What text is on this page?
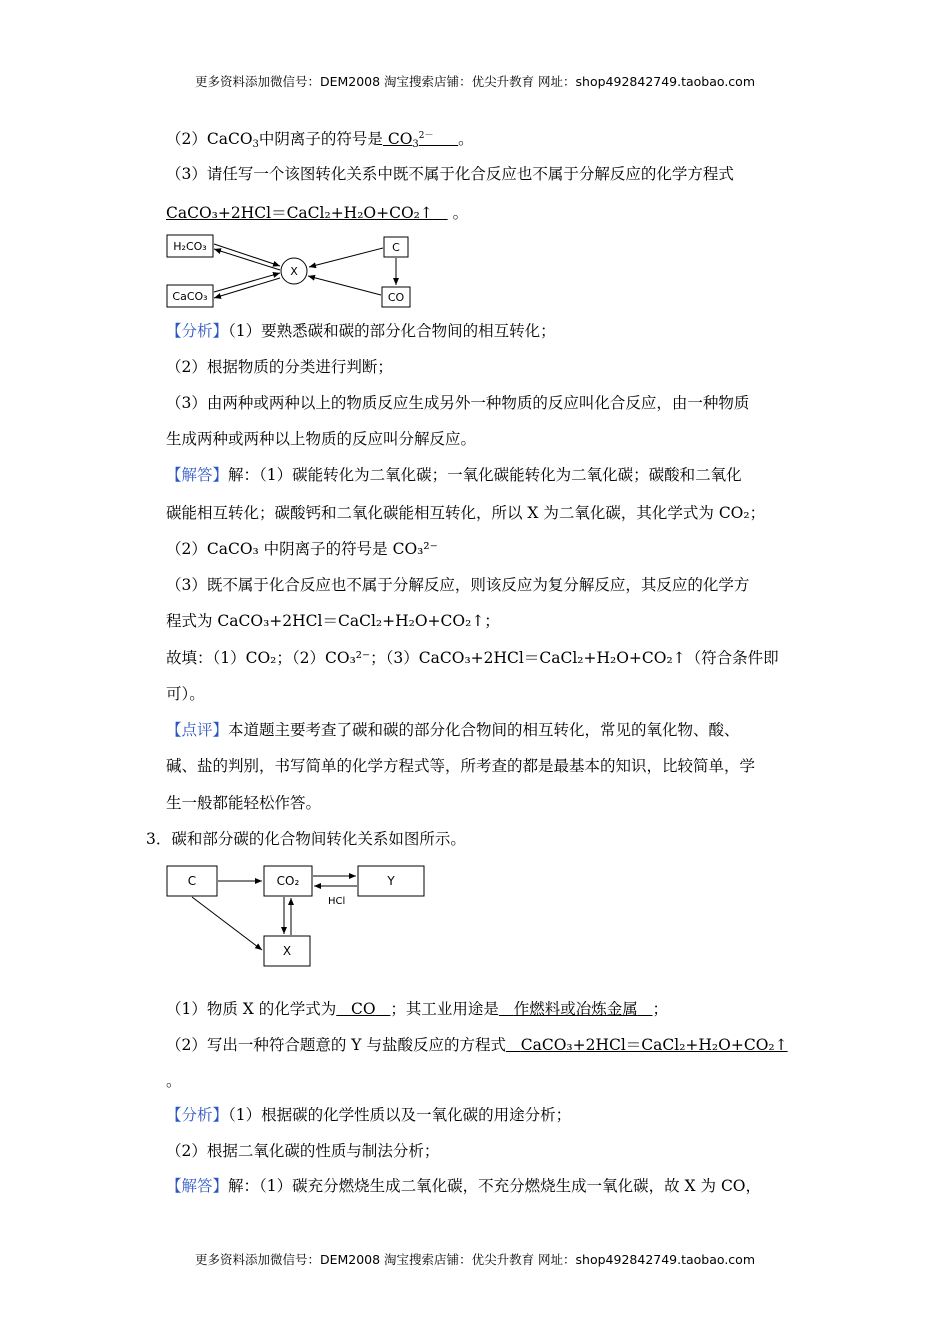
更多资料添加微信号：DEM2008 淘宝搜索店铺：优尖升教育 网址：shop492842749.taobao.com
（2）CaCO$_3$中阴离子的符号是 $CO_3^{2-}$ 。
（3）请任写一个该图转化关系中既不属于化合反应也不属于分解反应的化学方程式
CaCO₃+2HCl＝CaCl₂+H₂O+CO₂↑    。
H₂CO₃
CaCO₃
X
C
CO
【分析】（1）要熟悉碳和碳的部分化合物间的相互转化；
（2）根据物质的分类进行判断；
（3）由两种或两种以上的物质反应生成另外一种物质的反应叫化合反应，由一种物质
生成两种或两种以上物质的反应叫分解反应。
【解答】解：（1）碳能转化为二氧化碳；一氧化碳能转化为二氧化碳；碳酸和二氧化
碳能相互转化；碳酸钙和二氧化碳能相互转化，所以 X 为二氧化碳，其化学式为 CO₂；
（2）CaCO₃ 中阴离子的符号是 CO₃²⁻
（3）既不属于化合反应也不属于分解反应，则该反应为复分解反应，其反应的化学方
程式为 CaCO₃+2HCl＝CaCl₂+H₂O+CO₂↑；
故填：（1）CO₂；（2）CO₃²⁻；（3）CaCO₃+2HCl＝CaCl₂+H₂O+CO₂↑（符合条件即
可）。
【点评】本道题主要考查了碳和碳的部分化合物间的相互转化，常见的氧化物、酸、
碱、盐的判别，书写简单的化学方程式等，所考查的都是最基本的知识，比较简单，学
生一般都能轻松作答。
3．碳和部分碳的化合物间转化关系如图所示。
C	CO₂	Y
X
HCl
（1）物质 X 的化学式为 CO ；其工业用途是 作燃料或冶炼金属 ；
（2）写出一种符合题意的 Y 与盐酸反应的方程式 CaCO₃+2HCl＝CaCl₂+H₂O+CO₂↑
。
【分析】（1）根据碳的化学性质以及一氧化碳的用途分析；
（2）根据二氧化碳的性质与制法分析；
【解答】解：（1）碳充分燃烧生成二氧化碳，不充分燃烧生成一氧化碳，故 X 为 CO，
更多资料添加微信号：DEM2008 淘宝搜索店铺：优尖升教育 网址：shop492842749.taobao.com
